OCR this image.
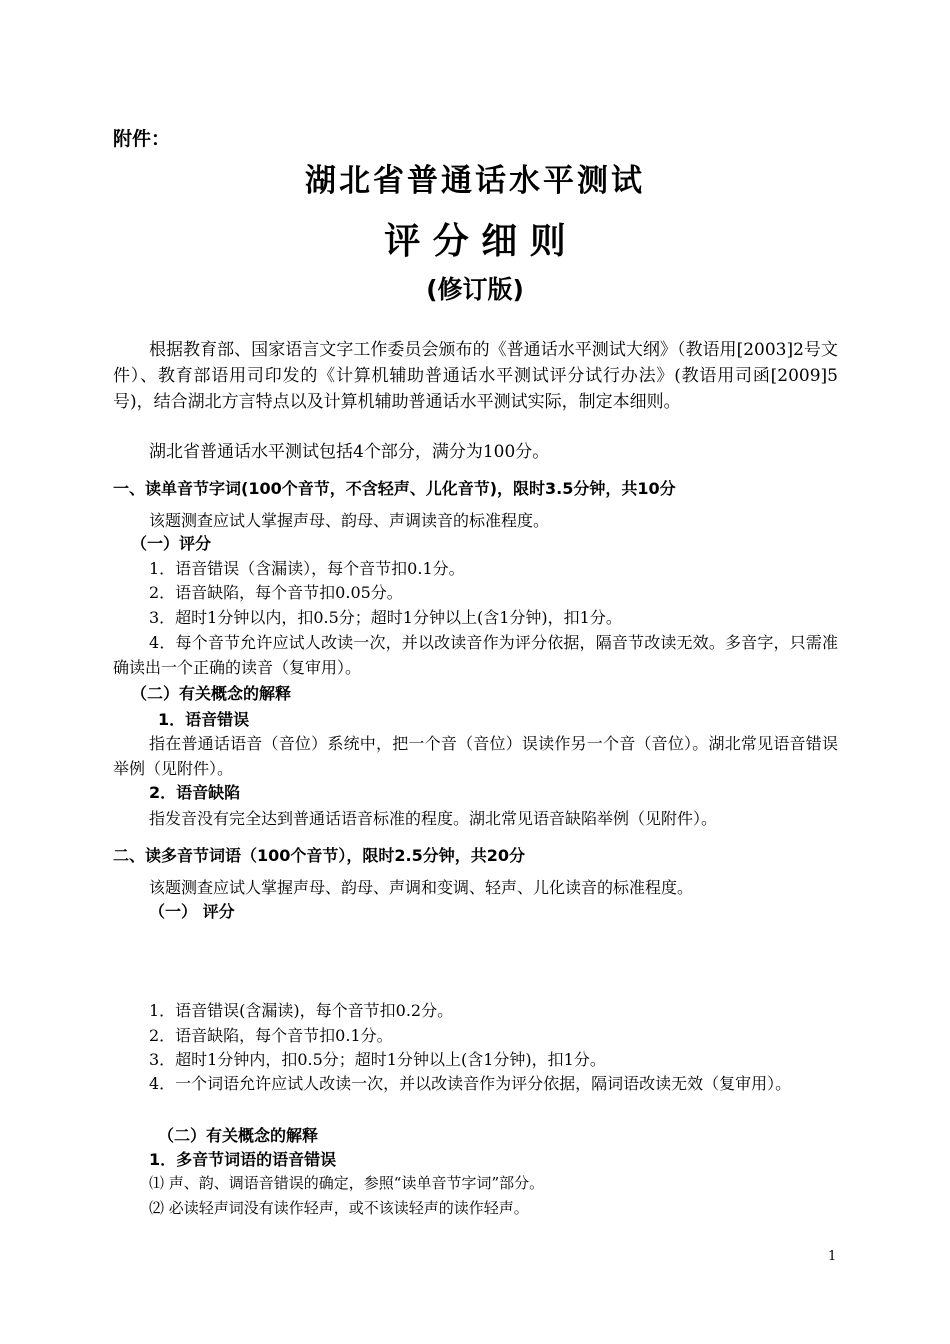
附件：
湖北省普通话水平测试
评 分 细 则
(修订版)
根据教育部、国家语言文字工作委员会颁布的《普通话水平测试大纲》（教语用[2003]2号文件）、教育部语用司印发的《计算机辅助普通话水平测试评分试行办法》(教语用司函[2009]5号)，结合湖北方言特点以及计算机辅助普通话水平测试实际，制定本细则。
湖北省普通话水平测试包括4个部分，满分为100分。
一、读单音节字词(100个音节，不含轻声、儿化音节)，限时3.5分钟，共10分
该题测查应试人掌握声母、韵母、声调读音的标准程度。
（一）评分
1．语音错误（含漏读），每个音节扣0.1分。
2．语音缺陷，每个音节扣0.05分。
3．超时1分钟以内，扣0.5分；超时1分钟以上(含1分钟)，扣1分。
4．每个音节允许应试人改读一次，并以改读音作为评分依据，隔音节改读无效。多音字，只需准确读出一个正确的读音（复审用）。
（二）有关概念的解释
1．语音错误
指在普通话语音（音位）系统中，把一个音（音位）误读作另一个音（音位）。湖北常见语音错误举例（见附件）。
2．语音缺陷
指发音没有完全达到普通话语音标准的程度。湖北常见语音缺陷举例（见附件）。
二、读多音节词语（100个音节），限时2.5分钟，共20分
该题测查应试人掌握声母、韵母、声调和变调、轻声、儿化读音的标准程度。
（一） 评分
1．语音错误(含漏读)，每个音节扣0.2分。
2．语音缺陷，每个音节扣0.1分。
3．超时1分钟内，扣0.5分；超时1分钟以上(含1分钟)，扣1分。
4．一个词语允许应试人改读一次，并以改读音作为评分依据，隔词语改读无效（复审用）。
（二）有关概念的解释
1．多音节词语的语音错误
⑴ 声、韵、调语音错误的确定，参照“读单音节字词”部分。
⑵ 必读轻声词没有读作轻声，或不该读轻声的读作轻声。
1
